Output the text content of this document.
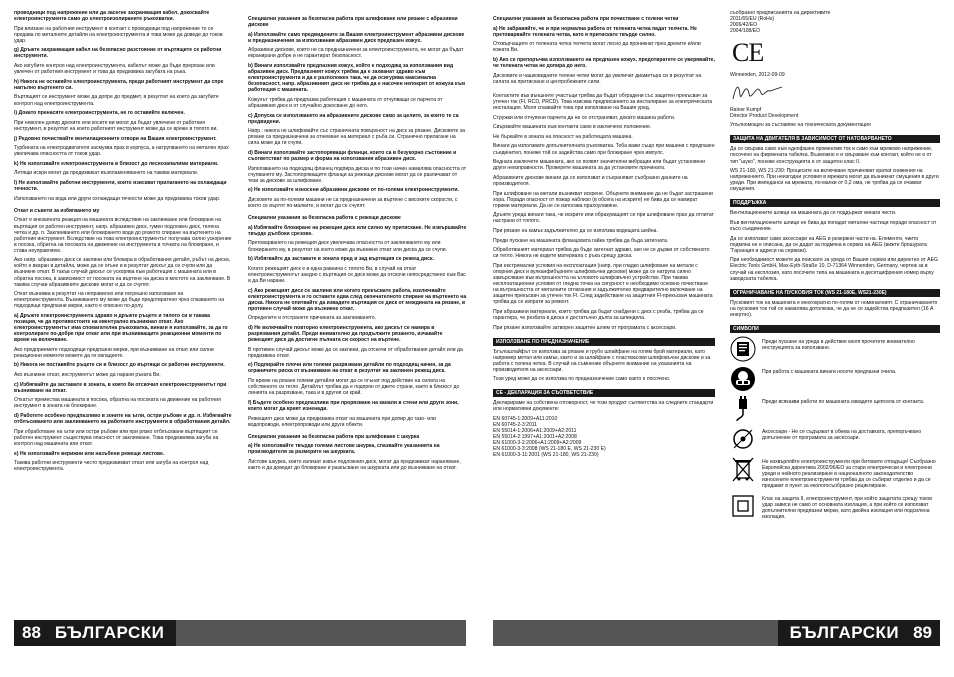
проводници под напрежение или да засегне захранващия кабел, докосвайте електроинструмента само до електроизолираните ръкохватки.

При влизане на работния инструмент в контакт с проводници под напрежение то се предава по металните детайли на електроинструмента и това може да доведе до токов удар.

g) Дръжте захранващия кабел на безопасно разстояние от въртящите се работни инструменти.

Ако изгубите контрол над електроинструмента, кабелът може да бъде прерязан или увлечен от работния инструмент и това да предизвика загубата на ръка.

h) Никога не оставяйте електроинструмента, преди работният инструмент да спре напълно въртенето си.

Въртящият се инструмент може да допре до предмет, в резултат на което да загубите контрол над електроинструмента.

i) Докато пренасяте електроинструмента, не го оставяйте включен.

При неволен допир дрехите или косите ви могат да бъдат увлечени от работния инструмент, в резултат на което работният инструмент може да се вреже в тялото ви.

j) Редовно почиствайте вентилационните отвори на Вашия електроинструмент.

Турбината на електродвигателя засмуква прах в корпуса, а натрупването на метален прах увеличава опасността от токов удар.

k) Не използвайте електроинструмента в близост до леснозапалими материали.

Летящи искри могат да предизвикат възпламеняването на такива материали.

l) Не използвайте работни инструменти, които изискват прилагането на охлаждащи течности.

Използването на вода или други охлаждащи течности може да предизвика токов удар.

Откат и съвети за избягването му

Откат е внезапната реакция на машината вследствие на заклинване или блокиране на въртящия се работен инструмент, напр. абразивен диск, гумен подложен диск, телена четка и др. п. Заклинването или блокирането води до рязкото спиране на въртенето на работния инструмент. Вследствие на това електроинструментът получава силно ускорение в посока, обратна на посоката на движение на инструмента в точката на блокиране, и става неуправляем.

Ако напр. абразивен диск се заклини или блокира в обработвания детайл, ръбът на диска, който е вкаран в детайла, може да се огъне и в резултат дискът да се счупи или да възникне откат. В такъв случай дискът се ускорява към работещия с машината или в обратна посока, в зависимост от посоката на въртене на диска в мястото на заклинване. В такива случаи абразивните дискове могат и да се счупят.

Откат възниква в резултат на неправилно или погрешно използване на електроинструмента. Възникването му може да бъде предотвратено чрез спазването на подходящи предпазни мерки, както е описано по-долу.

a) Дръжте електроинструмента здраво и дръжте ръцете и тялото си в такава позиция, че да противостоите на евентуално възникнал откат. Ако електроинструментът има спомагателна ръкохватка, винаги я използвайте, за да го контролирате по-добре при откат или при възникващите реакционни моменти по време на включване.

Ако предприемете подходящи предпазни мерки, при възникване на откат или силни реакционни моменти можете да ги овладеете.

b) Никога не поставяйте ръцете си в близост до въртящи се работни инструменти.

Ако възникне откат, инструментът може да нарани ръката Ви.

c) Избягвайте да заставате в зоната, в която би отскочил електроинструментът при възникване на откат.

Откатът премества машината в посока, обратна на посоката на движение на работния инструмент в зоната на блокиране.

d) Работете особено предпазливо в зоните на ъгли, остри ръбове и др. п. Избягвайте отблъскването или заклинването на работните инструменти в обработвания детайл.

При обработване на ъгли или остри ръбове или при рязко отблъскване въртящият се работен инструмент съществува опасност от заклинване. Това предизвиква загуба на контрол над машината или откат.

e) Не използвайте верижни или назъбени режещи листове.

Такива работни инструменти често предизвикват откат или загуба на контрол над електроинструмента.

Специални указания за безопасна работа при шлифоване или рязане с абразивни дискове

a) Използвайте само предвидените за Вашия електроинструмент абразивни дискове и предназначения за използвания абразивен диск предпазен кожух.

Абразивни дискове, които не са предназначени за електроинструмента, не могат да бъдат екранирани добре и не гарантират безопасност.

b) Винаги използвайте предпазния кожух, който е подходящ за използвания вид абразивен диск. Предпазният кожух трябва да е захванат здраво към електроинструмента и да е разположен така, че да осигурява максимална безопасност, напр. абразивният диск не трябва да е насочен непокрит от кожуха към работещия с машината.

Кожухът трябва да предпазва работещия с машината от отчупващи се парчета от абразивния диск и от случайно докосване до него.

c) Допуска се използването на абразивните дискове само за целите, за които те са предвидени.

Напр.: никога не шлифовайте със страничната повърхност на диск за рязане. Дисковете за рязане са предназначени за отнемане на материал с ръба си. Странично прилагане на сила може да ги счупи.

d) Винаги използвайте застопоряващи фланци, които са в безукорно състояние и съответстват по размер и форма на използвания абразивен диск.

Използването на подходящ фланец подпира диска и по този начин намалява опасността от счупването му. Застопоряващите фланци за режещи дискове могат да се различават от тези за дискове за шлифоване.

e) Не използвайте износени абразивни дискове от по-големи електроинструменти.

Дисковете за по-големи машини не са предназначени за въртене с високите скорости, с които се въртят по-малките, и могат да се счупят.

Специални указания за безопасна работа с режещи дискове

a) Избягвайте блокиране на режещия диск или силно му притискане. Не извършвайте твърде дълбоки срезове.

Претоварването на режещия диск увеличава опасността от заклинването му или блокирането му, в резултат на което може да възникне откат или диска да се счупи.

b) Избягвайте да заставате в зоната пред и зад въртящия се режещ диск.

Когато режещият диск е в една равнина с тялото Ви, в случай на откат електроинструментът заедно с въртящия се диск може да отскочи непосредствено към Вас и да Ви нарани.

c) Ако режещият диск се заклини или когато прекъсвате работа, изключвайте електроинструмента и го оставете едва след окончателното спиране на въртенето на диска. Никога не опитвайте да извадите въртящия се диск от междината на рязане, в противен случай може да възникне откат.

Определете и отстранете причината за заклинването.

d) Не включвайте повторно електроинструмента, ако дискът се намира в разрязвания детайл. Преди внимателно да продължите рязането, изчакайте режещият диск да достигне пълната си скорост на въртене.

В противен случай дискът може да се заклини, да отскочи от обработвания детайл или да предизвика откат.

e) Подпирайте плочи или големи разрязвани детайли по подходящ начин, за да ограничите риска от възникване на откат в резултат на заклинен режещ диск.

По време на рязане големи детайли могат да се огънат под действие на силата на собственото си тегло. Детайлът трябва да е подпрян от двете страни, както в близост до линията на разрязване, така и в другия си край.

f) Бъдете особено предпазливи при прорязване на канали в стени или други зони, които могат да крият изненади.

Режещият диск може да предизвика откат на машината при допир до газо- или водопроводи, електропроводи или други обекти.

Специални указания за безопасна работа при шлифоване с шкурка

a) Не използвайте твърде големи листове шкурка, спазвайте указанията на производителя за размерите на шкурката.

Листове шкурка, които излизат извън подложния диск, могат да предизвикат нараняване, както и да доведат до блокиране и разкъсване на шкурката или до възникване на откат.

88 БЪЛГАРСКИ

Специални указания за безопасна работа при почистване с телени четки

a) Не забравяйте, че и при нормална работа от телената четка падат телчета. Не претоварвайте телената четка, като я притискате твърде силно.

Отхвърчащите от телената четка телчета могат лесно да проникнат през дрехите и/или кожата Ви.

b) Ако се препоръчва използването на предпазен кожух, предотвратете се уверявайте, че телената четка не допира до него.

Дисковите и чашковидните телени четки могат да увеличат диаметъра си в резултат на силата на притискане и центробежните сили.

Контактите във външните участъци трябва да бъдат обградени със защитен прекъсвач за утечен ток (FI, RCD, PRCD). Това изисква предписанието за инсталиране за електрическата инсталация. Моля спазвайте това при използване на Вашия уред.

Стружки или отчупени парчета да не се отстраняват, докато машина работи.

Свързвайте машината към контакта само в изключено положение.

Не бъркайте в зоната на опасност на работещата машина.

Винаги да използвате допълнителната ръкохватка. Тоба важи също при машини с предпазен съединител, понеже той се задейства само при блокиране чрез импулс.

Веднага изключете машината, ако се появят значителни вибрации или бъдат установени други неизправности. Проверете машината за да установите причината.

Абразивните дискове винаги да се използват и съхраняват съобразно данните на производителя.

При шлифоване на метали възникват искрене. Обърнете внимание да не бъдат застрашени хора. Поради опасност от пожар наблизо (в обсега на искрите) не бива да се намират горими материали. Да не се използва прахоулавяне.

Дръжте уреда винаги така, че искрите или образуващият се при шлифоване прах да отлитат настрани от тялото.

При рязане на камък задължително да се използва водещата шейна.

Преди пускане на машината фланцовата гайка трябва да бъда затегната.

Обработваният материал трябва да бъде затегнат здраво, ако не се държи от собственото си тегло. Никога не водете материала с ръка срещу диска.

При екстремални условия на експлоатация (напр. при гладко шлифоване на метали с опорния диск и вулканфибърните шлифовъчни дискове) може да се натрупа силно замърсяване във вътрешността на ъгловото шлифовъчно устройство. При такива експлоатационни условия от гледна точка на сигурност е необходимо основно почистване на вътрешността от металните отлагания и задължително предварително включване на защитен прекъсвач за утечен ток FI. След задействане на защитния FI-прекъсвач машината трябва да се изпрати за ремонт.

При абразивни материали, които трябва да бъдат снабдени с диск с резба, трябва да се гарантира, че резбата в диска е достатъчно дълга за шпиндела.

При рязане използвайте затворен защитен шлем от програмата с аксесоари.

ИЗПОЛЗВАНЕ ПО ПРЕДНАЗНАЧЕНИЕ

Ъгълошлайфът се използва за рязане и грубо шлайфане на голям брой материали, като например метал или камък, както и за шлайфане с пластмасови шлифовъчни дискове и за работа с телена четка. В случай на съмнение обърнете внимание на указанията на производителя на аксесоари.

Този уред може да се използва по предназначение само както е посочено.

CE - ДЕКЛАРАЦИЯ ЗА СЪОТВЕТСТВИЕ

Декларираме на собствена отговорност, че този продукт съответства на следните стандарти или нормативни документи:

EN 60745-1:2009+A11:2010
EN 60745-2-3:2011
EN 55014-1:2006+A1:2009+A2:2011
EN 55014-2:1997+A1:2001+A2:2008
EN 61000-3-2:2006+A1:2009+A2:2009
EN 61000-3-3:2008 (WS 21-180 E, WS 21-230 E)
EN 61000-3-11:2001 (WS 21-180, WS 21-230)

съобразно предписанията на директивите
2011/65/EU (RoHs)
2006/42/EO
2004/108/EO
CE
Winnenden, 2012-09-09
Rainer Kumpf
Director Product Development

Упълномощен за съставяне на техническата документация

ЗАЩИТА НА ДВИГАТЕЛЯ В ЗАВИСИМОСТ ОТ НАТОВАРВАНЕТО

Да се свързва само към еднофазен променлив ток и само към мрежово напрежение, посочено на фирмената табелка. Възможно е и свързване към контакт, който не е от тип "шуко", понеже конструкцията е от защитен клас II.

WS 21-180, WS 21-230: Процесите на включване причиняват кратки снижения на напрежението. При неизгодни условия в мрежата могат да възникнат смущения в други уреди. При импеданси на мрежата, по-малки от 0,2 ома, не трябва да се очакват смущения.

ПОДДРЪЖКА

Вентилационните шлици на машината да се поддържат винаги чисти.

Във вентилационните шлици не бива да попадат метални частици поради опасност от късо съединение.

Да се използват само аксесоари на AEG и резервни части на. Елементи, чиито подмяна не е описана, да се дадат за подмяна в сервиз на AEG (вижте брошурата "Гаранция и адреси на сервизи).

При необходимост можете да поискате за уреда от Вашия сервиз или директно от AEG Electric Tools GmbH, Max-Eyth-Straße 10, D-71364 Winnenden, Germany, чертеж за в случай на експлозия, като посочите типа на машината и десетцифрения номер върху заводската табелка.

ОГРАНИЧАВАНЕ НА ПУСКОВИЯ ТОК (WS 21-180E, WS21-230E)

Пусковият ток на машината е многократно по-голям от номиналният. С ограничаването на пусковия ток той се намалява дотолкова, че да не се задейства предпазител (16 A инертно).

СИМВОЛИ
Преди пускане на уреда в действие моля прочетете внимателно инструкцията за използване.
При работа с машината винаги носете предпазни очила.
Преди всякакви работи по машината извадете щепсела от контакта.
Аксесоари - Не се съдържат в обема на доставката, препоръчвано допълнение от програмата за аксесоари.
Не изхвърляйте електроинструменти при битовите отпадъци! Съобразно Европейска директива 2002/96/ЕО за стари електрически и електронни уреди и нейното реализиране в националното законодателство износените електроинструменти трябва да се събират отделно и да се предават в пункт за екологосъобразно рециклиране.
Клас на защита II, електроинструмент, при който защитата срещу токов удар зависи не само от основната изолация, а при който се използват допълнителни предпазни мерки, като двойна изолация или подсилена изолация.
БЪЛГАРСКИ 89
